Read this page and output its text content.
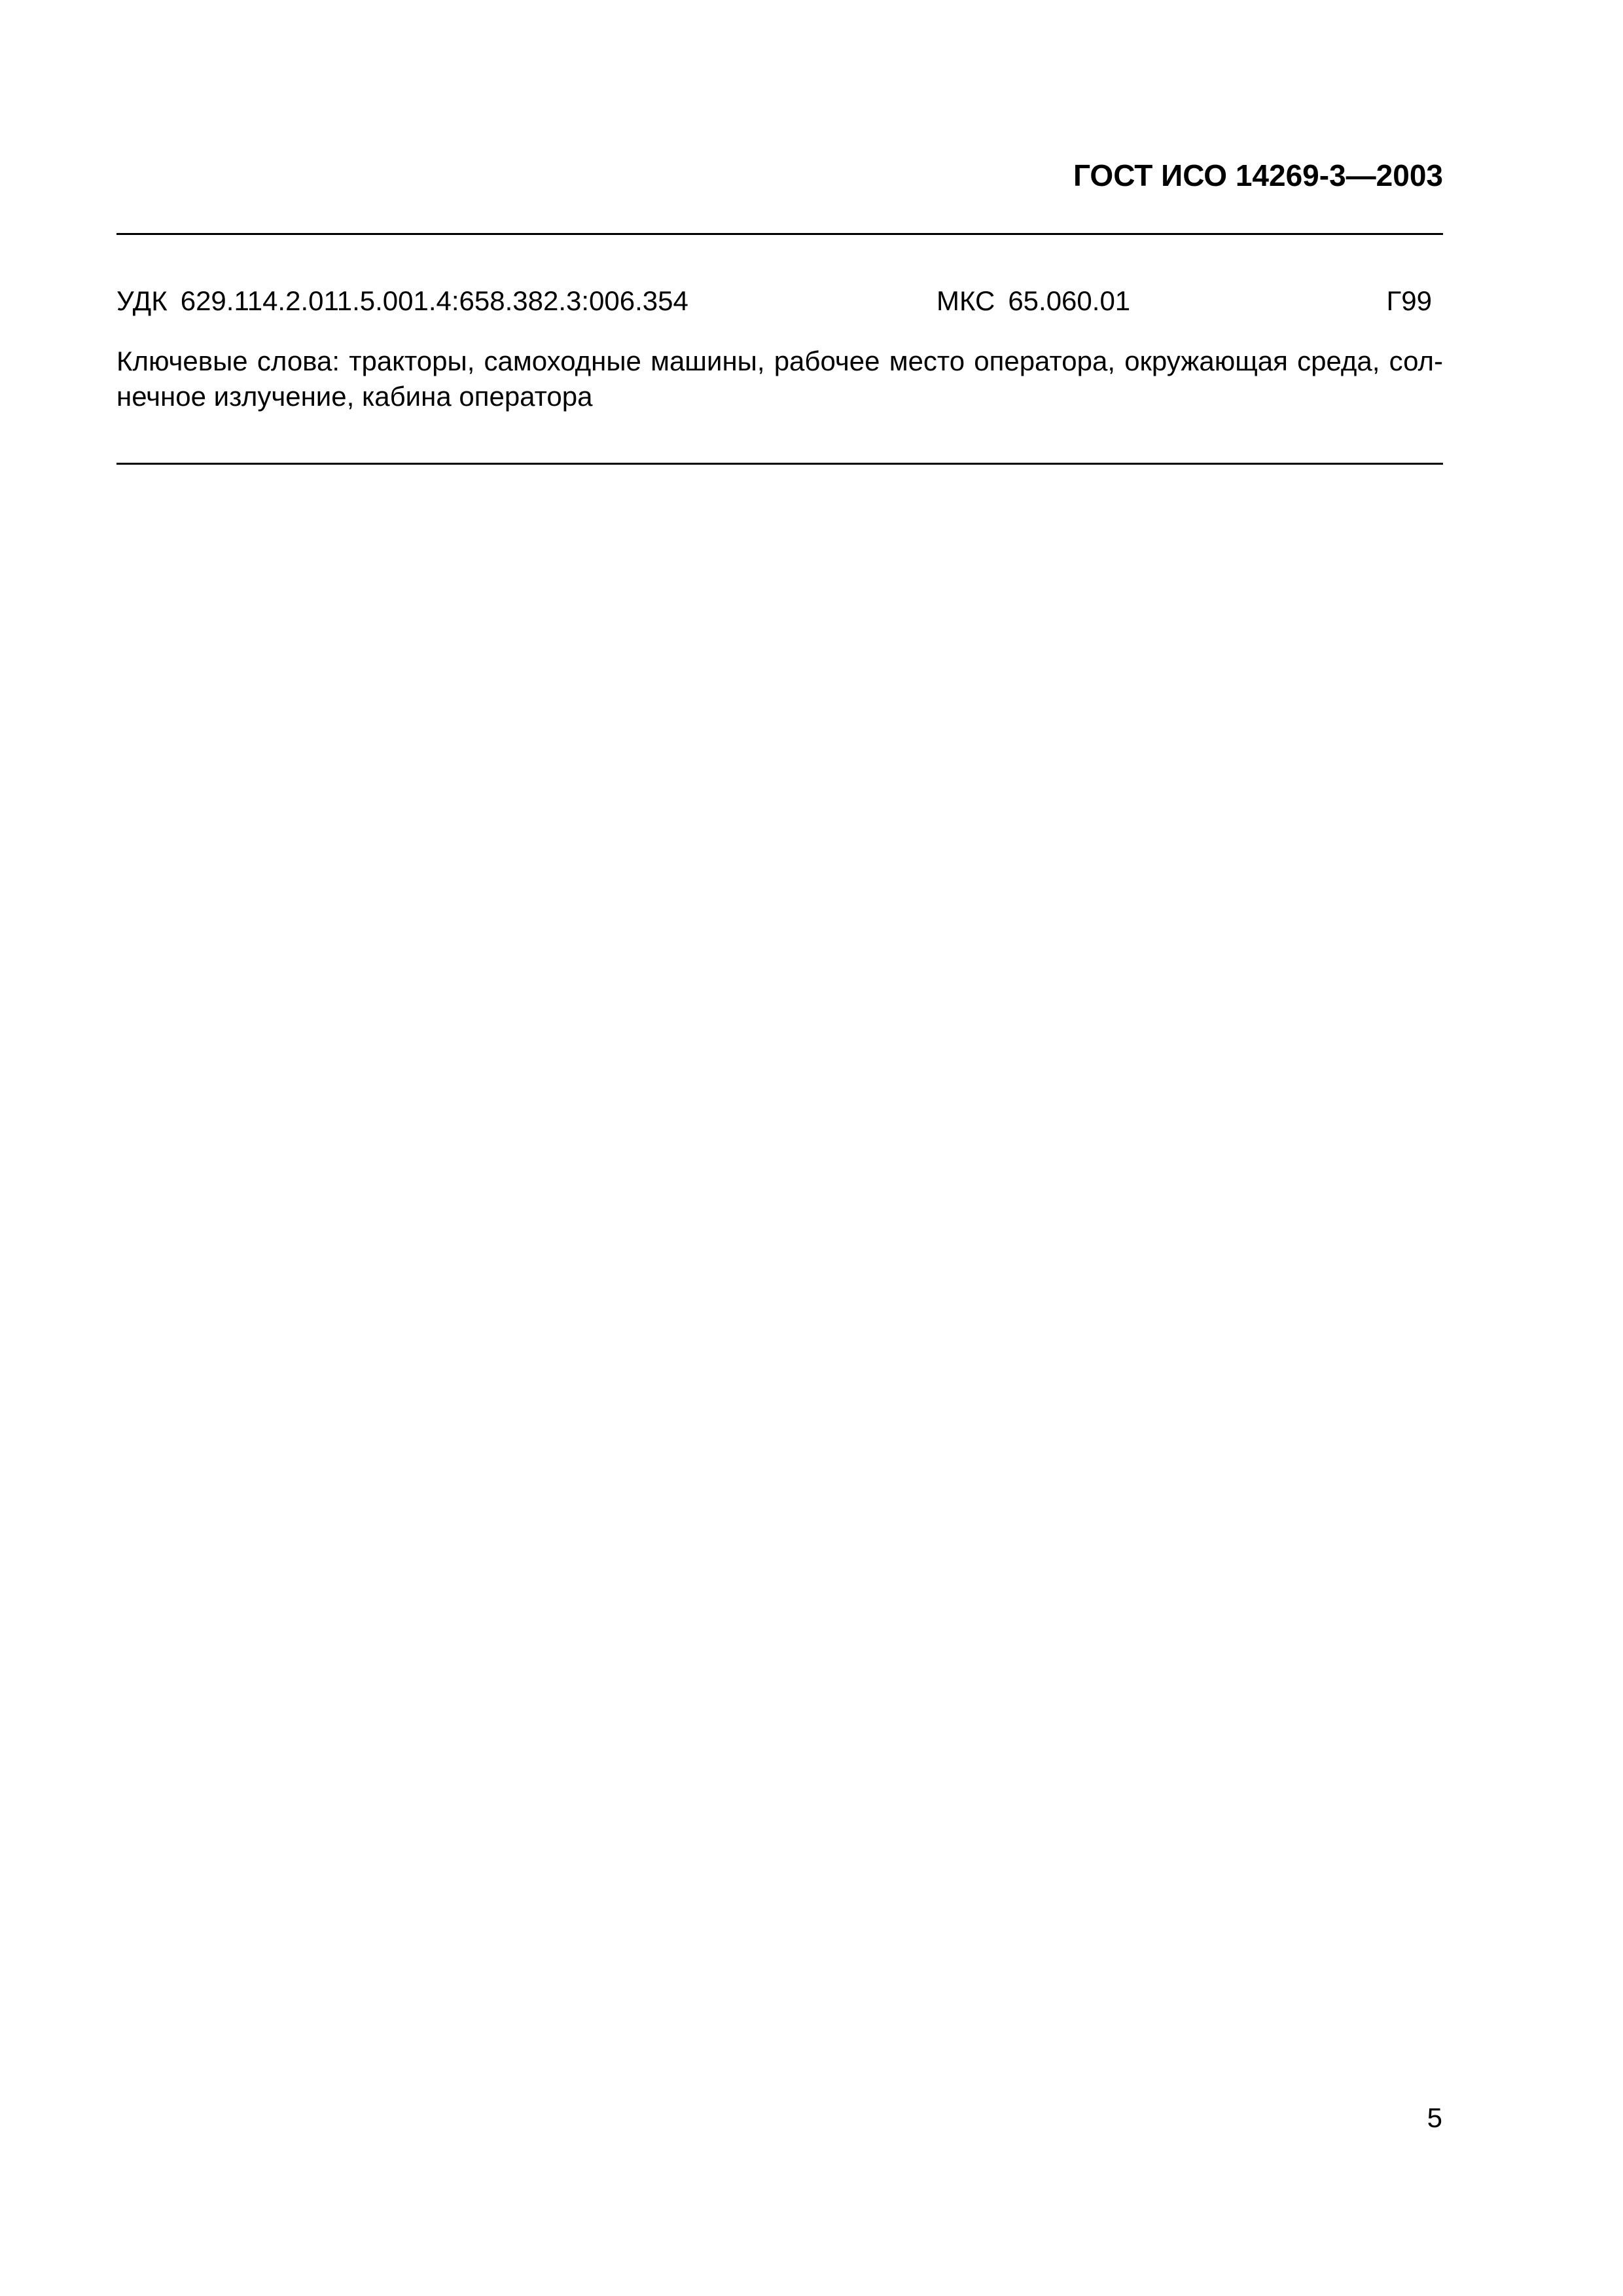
ГОСТ ИСО 14269-3—2003
УДК 629.114.2.011.5.001.4:658.382.3:006.354	МКС 65.060.01	Г99
Ключевые слова: тракторы, самоходные машины, рабочее место оператора, окружающая среда, сол-
нечное излучение, кабина оператора
5
